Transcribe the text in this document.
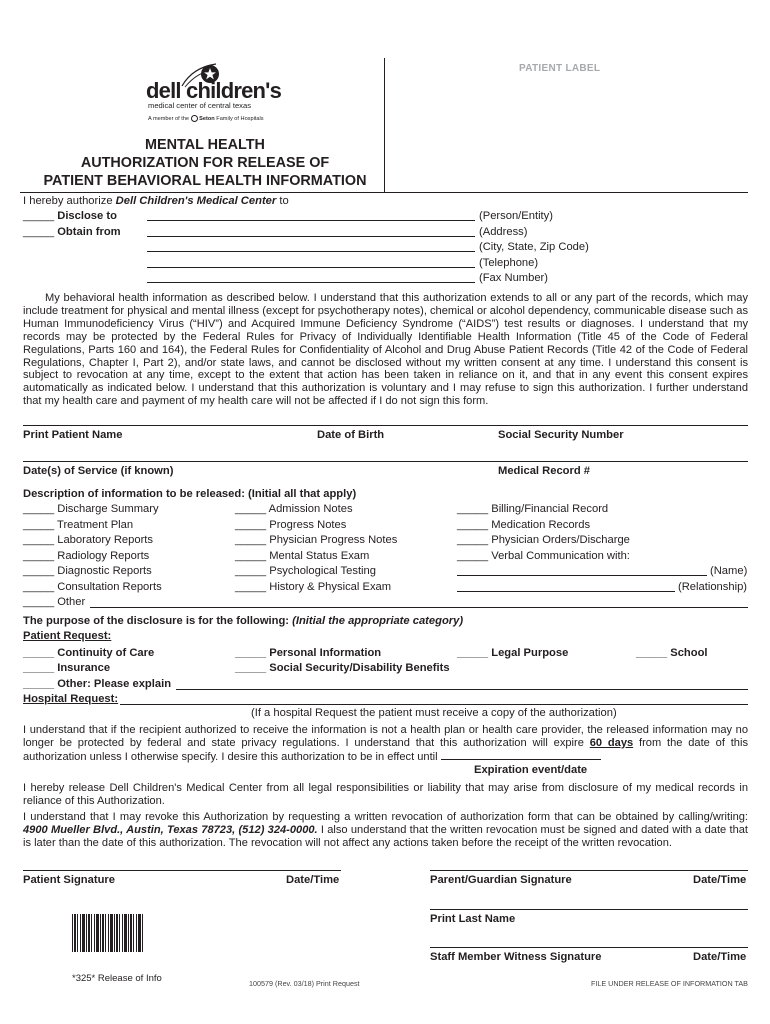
PATIENT LABEL
dell children's
medical center of central texas
A member of the Seton Family of Hospitals
MENTAL HEALTH
AUTHORIZATION FOR RELEASE OF
PATIENT BEHAVIORAL HEALTH INFORMATION
I hereby authorize Dell Children's Medical Center to
_____ Disclose to
_____ Obtain from
(Person/Entity)
(Address)
(City, State, Zip Code)
(Telephone)
(Fax Number)
My behavioral health information as described below. I understand that this authorization extends to all or any part of the records, which may include treatment for physical and mental illness (except for psychotherapy notes), chemical or alcohol dependency, communicable disease such as Human Immunodeficiency Virus (“HIV”) and Acquired Immune Deficiency Syndrome (“AIDS”) test results or diagnoses. I understand that my records may be protected by the Federal Rules for Privacy of Individually Identifiable Health Information (Title 45 of the Code of Federal Regulations, Parts 160 and 164), the Federal Rules for Confidentiality of Alcohol and Drug Abuse Patient Records (Title 42 of the Code of Federal Regulations, Chapter I, Part 2), and/or state laws, and cannot be disclosed without my written consent at any time. I understand this consent is subject to revocation at any time, except to the extent that action has been taken in reliance on it, and that in any event this consent expires automatically as indicated below. I understand that this authorization is voluntary and I may refuse to sign this authorization. I further understand that my health care and payment of my health care will not be affected if I do not sign this form.
Print Patient Name	Date of Birth	Social Security Number
Date(s) of Service (if known)	Medical Record #
Description of information to be released: (Initial all that apply)
_____ Discharge Summary
_____ Treatment Plan
_____ Laboratory Reports
_____ Radiology Reports
_____ Diagnostic Reports
_____ Consultation Reports
_____ Other
_____ Admission Notes
_____ Progress Notes
_____ Physician Progress Notes
_____ Mental Status Exam
_____ Psychological Testing
_____ History & Physical Exam
_____ Billing/Financial Record
_____ Medication Records
_____ Physician Orders/Discharge
_____ Verbal Communication with:
(Name)
(Relationship)
The purpose of the disclosure is for the following: (Initial the appropriate category)
Patient Request:
_____ Continuity of Care	_____ Personal Information	_____ Legal Purpose	_____ School
_____ Insurance	_____ Social Security/Disability Benefits
_____ Other: Please explain
Hospital Request:
(If a hospital Request the patient must receive a copy of the authorization)
I understand that if the recipient authorized to receive the information is not a health plan or health care provider, the released information may no longer be protected by federal and state privacy regulations. I understand that this authorization will expire 60 days from the date of this authorization unless I otherwise specify. I desire this authorization to be in effect until
Expiration event/date
I hereby release Dell Children's Medical Center from all legal responsibilities or liability that may arise from disclosure of my medical records in reliance of this Authorization.
I understand that I may revoke this Authorization by requesting a written revocation of authorization form that can be obtained by calling/writing: 4900 Mueller Blvd., Austin, Texas 78723, (512) 324-0000. I also understand that the written revocation must be signed and dated with a date that is later than the date of this authorization. The revocation will not affect any actions taken before the receipt of the written revocation.
Patient Signature	Date/Time	Parent/Guardian Signature	Date/Time
Print Last Name
Staff Member Witness Signature	Date/Time
*325* Release of Info	100579 (Rev. 03/18) Print Request	FILE UNDER RELEASE OF INFORMATION TAB
